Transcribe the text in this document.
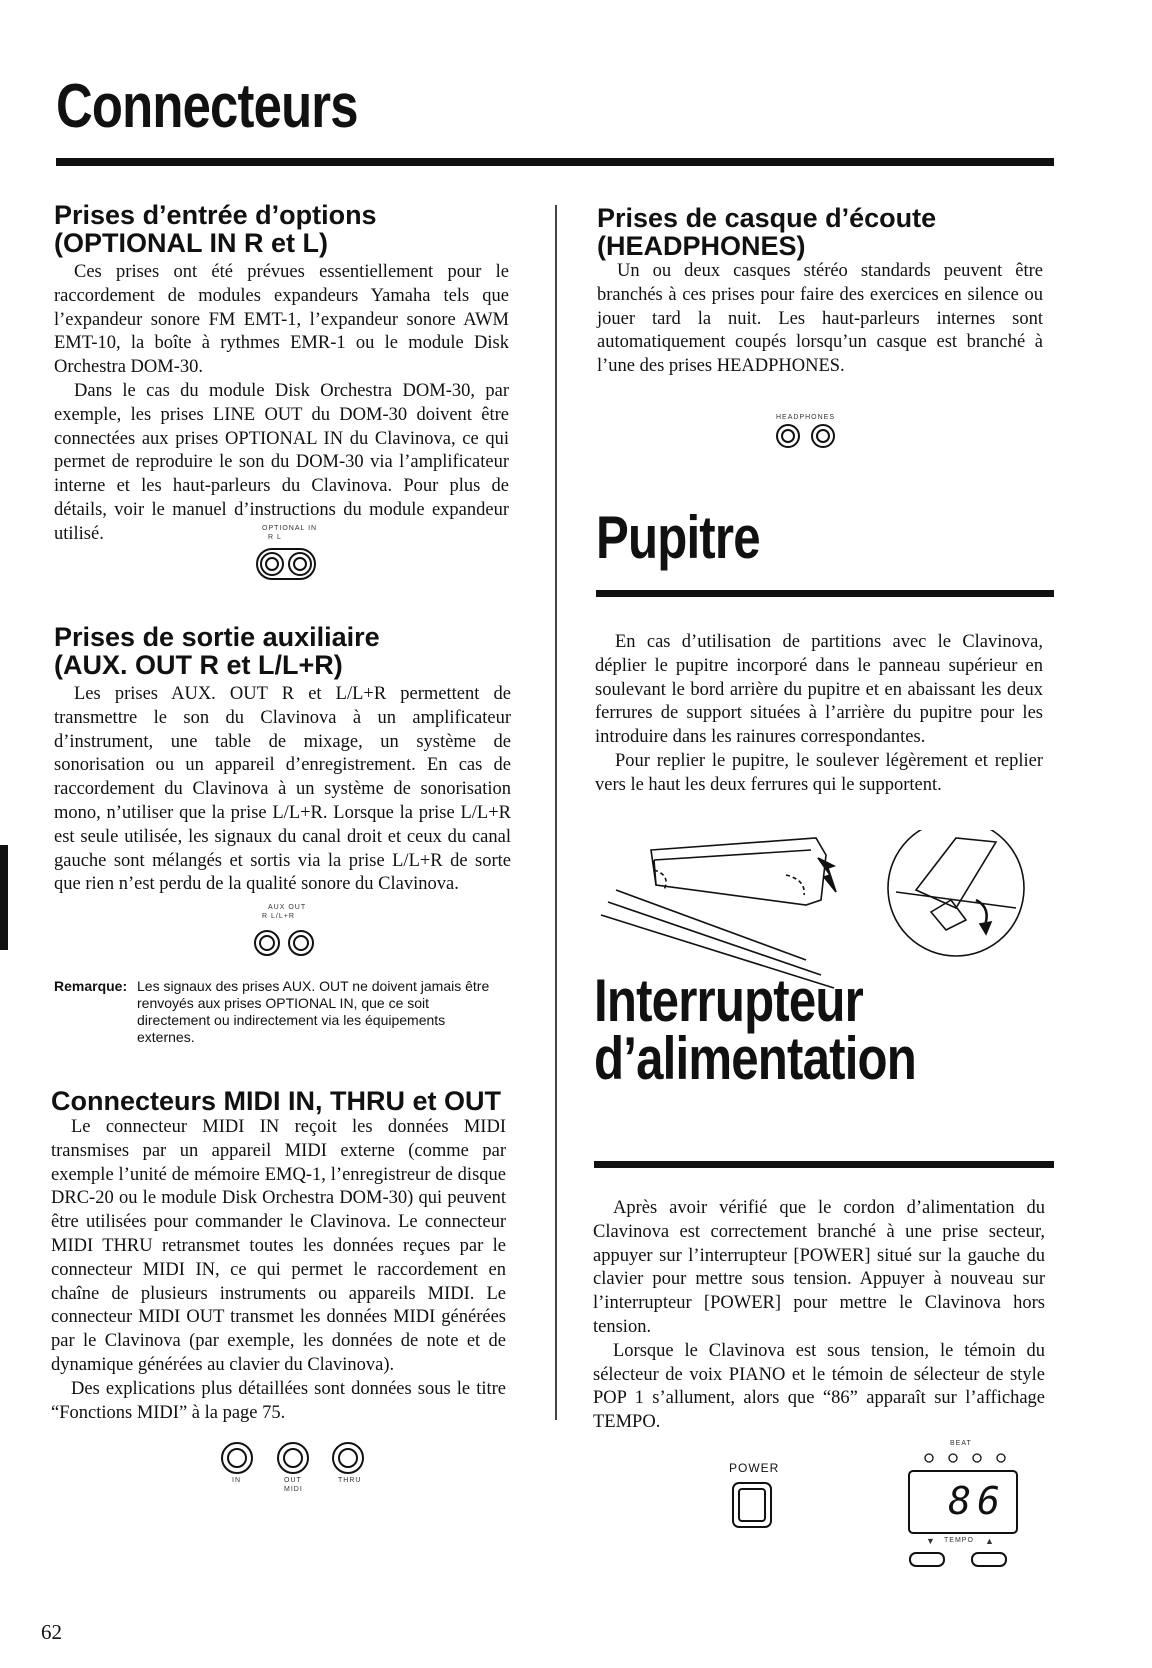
Connecteurs
Prises d’entrée d’options
(OPTIONAL IN R et L)

Ces prises ont été prévues essentiellement pour le raccordement de modules expandeurs Yamaha tels que l’expandeur sonore FM EMT-1, l’expandeur sonore AWM EMT-10, la boîte à rythmes EMR-1 ou le module Disk Orchestra DOM-30.

Dans le cas du module Disk Orchestra DOM-30, par exemple, les prises LINE OUT du DOM-30 doivent être connectées aux prises OPTIONAL IN du Clavinova, ce qui permet de reproduire le son du DOM-30 via l’amplificateur interne et les haut-parleurs du Clavinova. Pour plus de détails, voir le manuel d’instructions du module expandeur utilisé.	OPTIONAL IN
R L
Prises de sortie auxiliaire
(AUX. OUT R et L/L+R)

Les prises AUX. OUT R et L/L+R permettent de transmettre le son du Clavinova à un amplificateur d’instrument, une table de mixage, un système de sonorisation ou un appareil d’enregistrement. En cas de raccordement du Clavinova à un système de sonorisation mono, n’utiliser que la prise L/L+R. Lorsque la prise L/L+R est seule utilisée, les signaux du canal droit et ceux du canal gauche sont mélangés et sortis via la prise L/L+R de sorte que rien n’est perdu de la qualité sonore du Clavinova.

AUX OUT
R L/L+R
Remarque: Les signaux des prises AUX. OUT ne doivent jamais être renvoyés aux prises OPTIONAL IN, que ce soit directement ou indirectement via les équipements externes.
Connecteurs MIDI IN, THRU et OUT

Le connecteur MIDI IN reçoit les données MIDI transmises par un appareil MIDI externe (comme par exemple l’unité de mémoire EMQ-1, l’enregistreur de disque DRC-20 ou le module Disk Orchestra DOM-30) qui peuvent être utilisées pour commander le Clavinova. Le connecteur MIDI THRU retransmet toutes les données reçues par le connecteur MIDI IN, ce qui permet le raccordement en chaîne de plusieurs instruments ou appareils MIDI. Le connecteur MIDI OUT transmet les données MIDI générées par le Clavinova (par exemple, les données de note et de dynamique générées au clavier du Clavinova).

Des explications plus détaillées sont données sous le titre “Fonctions MIDI” à la page 75.

IN	OUT	THRU
MIDI
62
Prises de casque d’écoute
(HEADPHONES)

Un ou deux casques stéréo standards peuvent être branchés à ces prises pour faire des exercices en silence ou jouer tard la nuit. Les haut-parleurs internes sont automatiquement coupés lorsqu’un casque est branché à l’une des prises HEADPHONES.

HEADPHONES
Pupitre

En cas d’utilisation de partitions avec le Clavinova, déplier le pupitre incorporé dans le panneau supérieur en soulevant le bord arrière du pupitre et en abaissant les deux ferrures de support situées à l’arrière du pupitre pour les introduire dans les rainures correspondantes.

Pour replier le pupitre, le soulever légèrement et replier vers le haut les deux ferrures qui le supportent.

Interrupteur
d’alimentation

Après avoir vérifié que le cordon d’alimentation du Clavinova est correctement branché à une prise secteur, appuyer sur l’interrupteur [POWER] situé sur la gauche du clavier pour mettre sous tension. Appuyer à nouveau sur l’interrupteur [POWER] pour mettre le Clavinova hors tension.

Lorsque le Clavinova est sous tension, le témoin du sélecteur de voix PIANO et le témoin de sélecteur de style POP 1 s’allument, alors que “86” apparaît sur l’affichage TEMPO.

POWER
BEAT
86
▼ TEMPO ▲
